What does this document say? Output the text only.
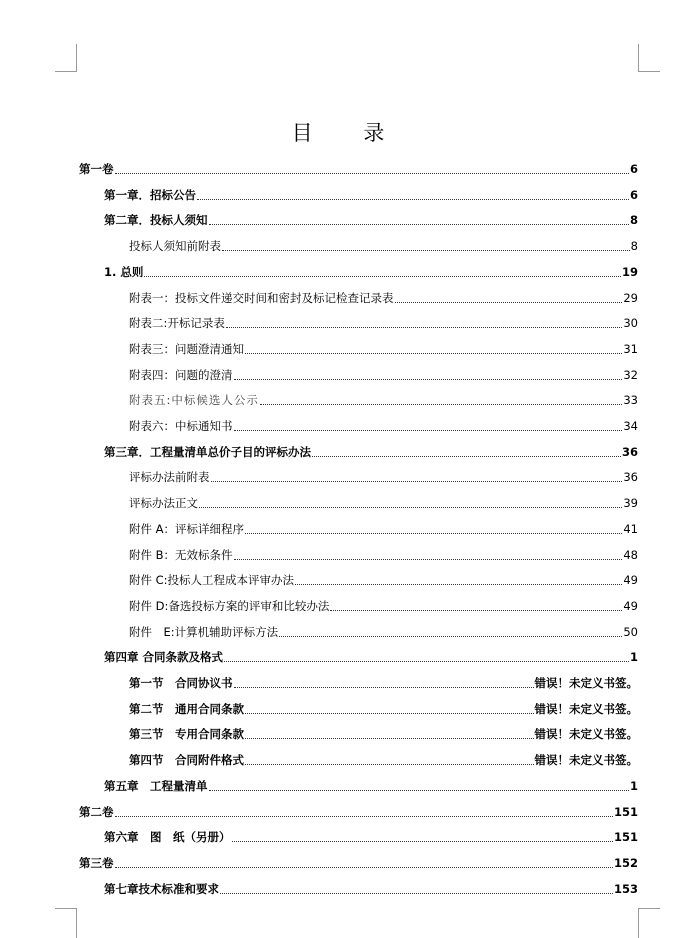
目 录
第一卷	6
第一章．招标公告	6
第二章．投标人须知	8
投标人须知前附表	8
1. 总则	19
附表一：投标文件递交时间和密封及标记检查记录表	29
附表二:开标记录表	30
附表三：问题澄清通知	31
附表四：问题的澄清	32
附表五:中标候选人公示	33
附表六：中标通知书	34
第三章．工程量清单总价子目的评标办法	36
评标办法前附表	36
评标办法正文	39
附件 A：评标详细程序	41
附件 B：无效标条件	48
附件 C:投标人工程成本评审办法	49
附件 D:备选投标方案的评审和比较办法	49
附件　E:计算机辅助评标方法	50
第四章 合同条款及格式	1
第一节　合同协议书	错误！未定义书签。
第二节　通用合同条款	错误！未定义书签。
第三节　专用合同条款	错误！未定义书签。
第四节　合同附件格式	错误！未定义书签。
第五章　工程量清单	1
第二卷	151
第六章　图　纸（另册）	151
第三卷	152
第七章技术标准和要求	153
